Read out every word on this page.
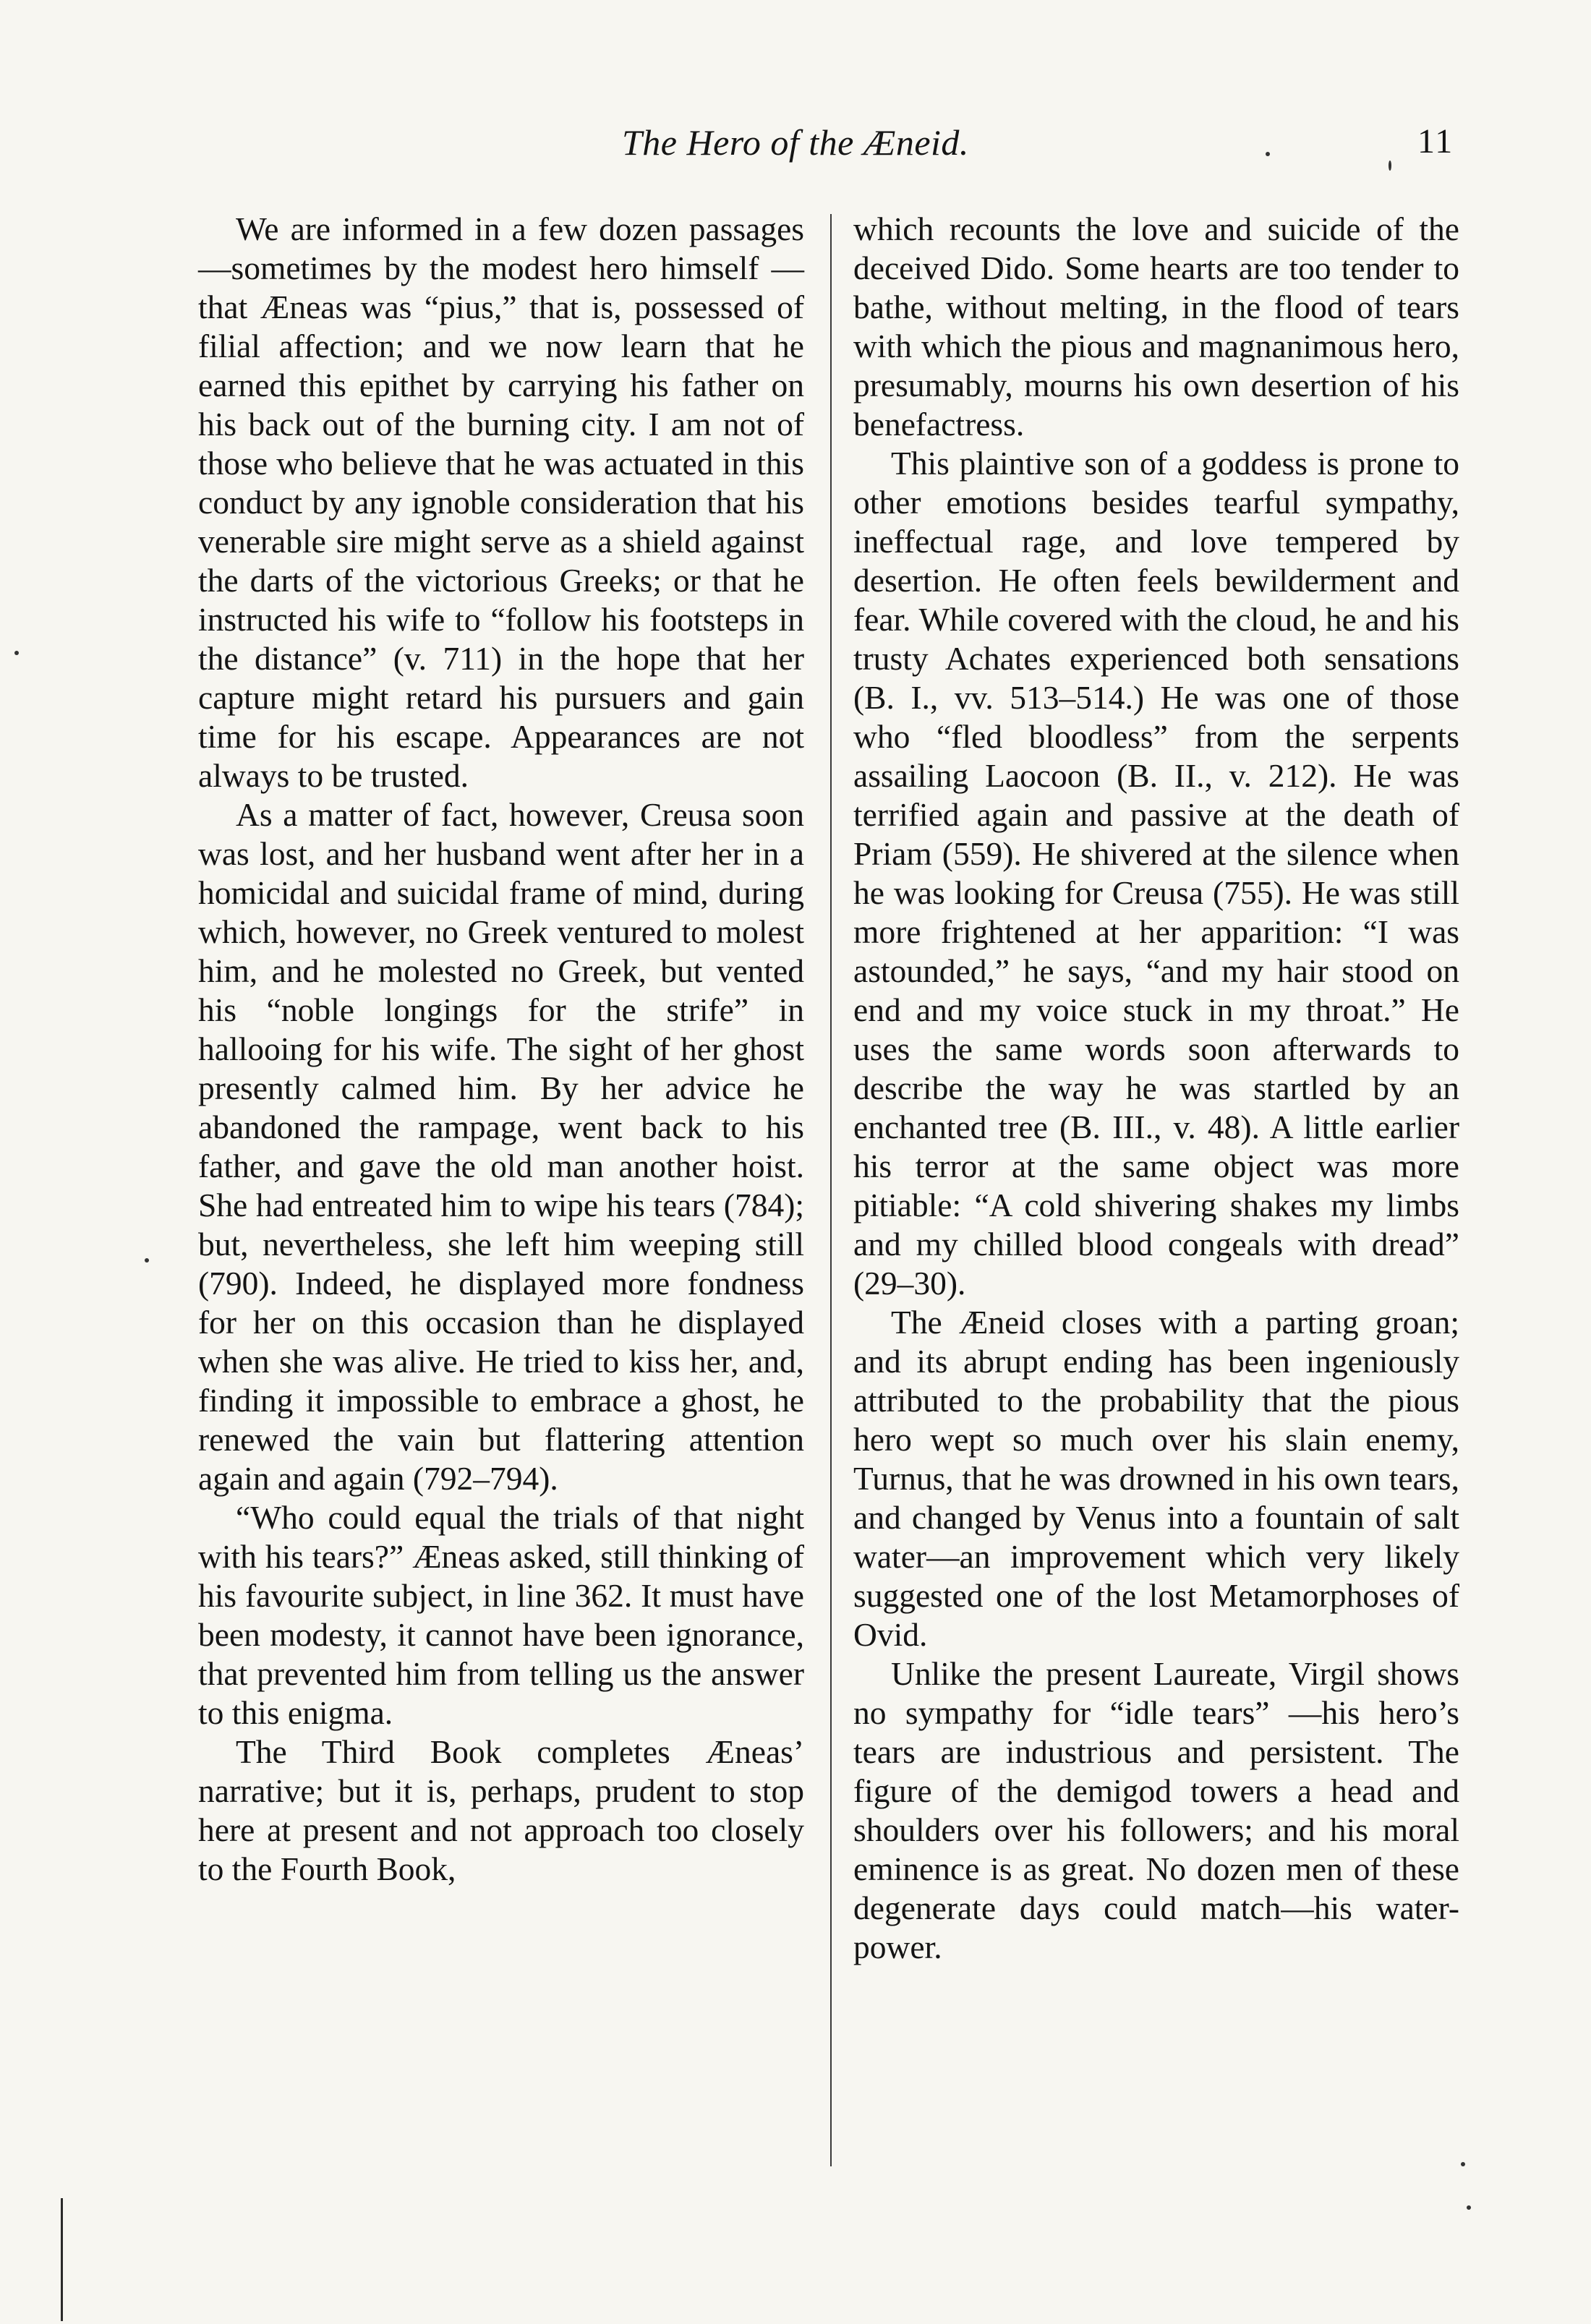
The Hero of the Æneid.	11

We are informed in a few dozen passages—sometimes by the modest hero himself — that Æneas was “pius,” that is, possessed of filial affection; and we now learn that he earned this epithet by carrying his father on his back out of the burning city. I am not of those who believe that he was actuated in this conduct by any ignoble consideration that his venerable sire might serve as a shield against the darts of the victorious Greeks; or that he instructed his wife to “follow his footsteps in the distance” (v. 711) in the hope that her capture might retard his pursuers and gain time for his escape. Appearances are not always to be trusted.

As a matter of fact, however, Creusa soon was lost, and her husband went after her in a homicidal and suicidal frame of mind, during which, however, no Greek ventured to molest him, and he molested no Greek, but vented his “noble longings for the strife” in hallooing for his wife. The sight of her ghost presently calmed him. By her advice he abandoned the rampage, went back to his father, and gave the old man another hoist. She had entreated him to wipe his tears (784); but, nevertheless, she left him weeping still (790). Indeed, he displayed more fondness for her on this occasion than he displayed when she was alive. He tried to kiss her, and, finding it impossible to embrace a ghost, he renewed the vain but flattering attention again and again (792–794).

“Who could equal the trials of that night with his tears?” Æneas asked, still thinking of his favourite subject, in line 362. It must have been modesty, it cannot have been ignorance, that prevented him from telling us the answer to this enigma.

The Third Book completes Æneas’ narrative; but it is, perhaps, prudent to stop here at present and not approach too closely to the Fourth Book,

which recounts the love and suicide of the deceived Dido. Some hearts are too tender to bathe, without melting, in the flood of tears with which the pious and magnanimous hero, presumably, mourns his own desertion of his benefactress.

This plaintive son of a goddess is prone to other emotions besides tearful sympathy, ineffectual rage, and love tempered by desertion. He often feels bewilderment and fear. While covered with the cloud, he and his trusty Achates experienced both sensations (B. I., vv. 513–514.) He was one of those who “fled bloodless” from the serpents assailing Laocoon (B. II., v. 212). He was terrified again and passive at the death of Priam (559). He shivered at the silence when he was looking for Creusa (755). He was still more frightened at her apparition: “I was astounded,” he says, “and my hair stood on end and my voice stuck in my throat.” He uses the same words soon afterwards to describe the way he was startled by an enchanted tree (B. III., v. 48). A little earlier his terror at the same object was more pitiable: “A cold shivering shakes my limbs and my chilled blood congeals with dread” (29–30).

The Æneid closes with a parting groan; and its abrupt ending has been ingeniously attributed to the probability that the pious hero wept so much over his slain enemy, Turnus, that he was drowned in his own tears, and changed by Venus into a fountain of salt water—an improvement which very likely suggested one of the lost Metamorphoses of Ovid.

Unlike the present Laureate, Virgil shows no sympathy for “idle tears” —his hero’s tears are industrious and persistent. The figure of the demigod towers a head and shoulders over his followers; and his moral eminence is as great. No dozen men of these degenerate days could match—his water-power.
